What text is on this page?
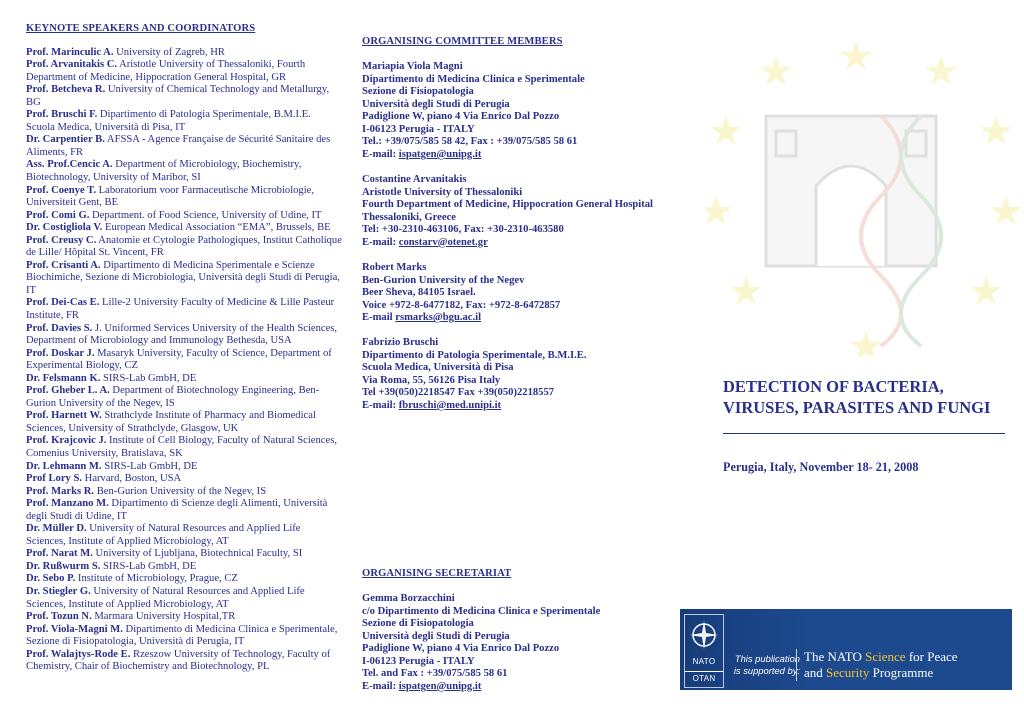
KEYNOTE SPEAKERS AND COORDINATORS
Prof. Marinculic A. University of Zagreb, HR
Prof. Arvanitakis C. Aristotle University of Thessaloniki, Fourth Department of Medicine, Hippocration General Hospital, GR
Prof. Betcheva R. University of Chemical Technology and Metallurgy, BG
Prof. Bruschi F. Dipartimento di Patologia Sperimentale, B.M.I.E. Scuola Medica, Università di Pisa, IT
Dr. Carpentier B. AFSSA - Agence Française de Sécurité Sanitaire des Aliments, FR
Ass. Prof.Cencic A. Department of Microbiology, Biochemistry, Biotechnology, University of Maribor, SI
Prof. Coenye T. Laboratorium voor Farmaceutische Microbiologie, Universiteit Gent, BE
Prof. Comi G. Department. of Food Science, University of Udine, IT
Dr. Costigliola V. European Medical Association “EMA”, Brussels, BE
Prof. Creusy C. Anatomie et Cytologie Pathologiques, Institut Catholique de Lille/ Hôpital St. Vincent, FR
Prof. Crisanti A. Dipartimento di Medicina Sperimentale e Scienze Biochimiche, Sezione di Microbiologia, Università degli Studi di Perugia, IT
Prof. Dei-Cas E. Lille-2 University Faculty of Medicine & Lille Pasteur Institute, FR
Prof. Davies S. J. Uniformed Services University of the Health Sciences, Department of Microbiology and Immunology Bethesda, USA
Prof. Doskar J. Masaryk University, Faculty of Science, Department of Experimental Biology, CZ
Dr. Felsmann K. SIRS-Lab GmbH, DE
Prof. Gheber L. A. Department of Biotechnology Engineering, Ben-Gurion University of the Negev, IS
Prof. Harnett W. Strathclyde Institute of Pharmacy and Biomedical Sciences, University of Strathclyde, Glasgow, UK
Prof. Krajcovic J. Institute of Cell Biology, Faculty of Natural Sciences, Comenius University, Bratislava, SK
Dr. Lehmann M. SIRS-Lab GmbH, DE
Prof Lory S. Harvard, Boston, USA
Prof. Marks R. Ben-Gurion University of the Negev, IS
Prof. Manzano M. Dipartimento di Scienze degli Alimenti, Università degli Studi di Udine, IT
Dr. Müller D. University of Natural Resources and Applied Life Sciences, Institute of Applied Microbiology, AT
Prof. Narat M. University of Ljubljana, Biotechnical Faculty, SI
Dr. Rußwurm S. SIRS-Lab GmbH, DE
Dr. Sebo P. Institute of Microbiology, Prague, CZ
Dr. Stiegler G. University of Natural Resources and Applied Life Sciences, Institute of Applied Microbiology, AT
Prof. Tozun N. Marmara University Hospital,TR
Prof. Viola-Magni M. Dipartimento di Medicina Clinica e Sperimentale, Sezione di Fisiopatologia, Università di Perugia, IT
Prof. Walajtys-Rode E. Rzeszow University of Technology, Faculty of Chemistry, Chair of Biochemistry and Biotechnology, PL
ORGANISING COMMITTEE MEMBERS
Mariapia Viola Magni
Dipartimento di Medicina Clinica e Sperimentale
Sezione di Fisiopatologia
Università degli Studi di Perugia
Padiglione W, piano 4 Via Enrico Dal Pozzo
I-06123 Perugia - ITALY
Tel.: +39/075/585 58 42, Fax : +39/075/585 58 61
E-mail: ispatgen@unipg.it
Costantine Arvanitakis
Aristotle University of Thessaloniki
Fourth Department of Medicine, Hippocration General Hospital
Thessaloniki, Greece
Tel: +30-2310-463106, Fax: +30-2310-463580
E-mail: constarv@otenet.gr
Robert Marks
Ben-Gurion University of the Negev
Beer Sheva, 84105 Israel.
Voice +972-8-6477182, Fax: +972-8-6472857
E-mail rsmarks@bgu.ac.il
Fabrizio Bruschi
Dipartimento di Patologia Sperimentale, B.M.I.E.
Scuola Medica, Università di Pisa
Via Roma, 55, 56126 Pisa Italy
Tel +39(050)2218547 Fax +39(050)2218557
E-mail: fbruschi@med.unipi.it
ORGANISING SECRETARIAT
Gemma Borzacchini
c/o Dipartimento di Medicina Clinica e Sperimentale
Sezione di Fisiopatologia
Università degli Studi di Perugia
Padiglione W, piano 4 Via Enrico Dal Pozzo
I-06123 Perugia - ITALY
Tel. and Fax : +39/075/585 58 61
E-mail: ispatgen@unipg.it
DETECTION OF BACTERIA,
VIRUSES, PARASITES AND FUNGI
Perugia, Italy, November 18- 21, 2008
NATO
OTAN
This publication
is supported by:
The NATO Science for Peace
and Security Programme
